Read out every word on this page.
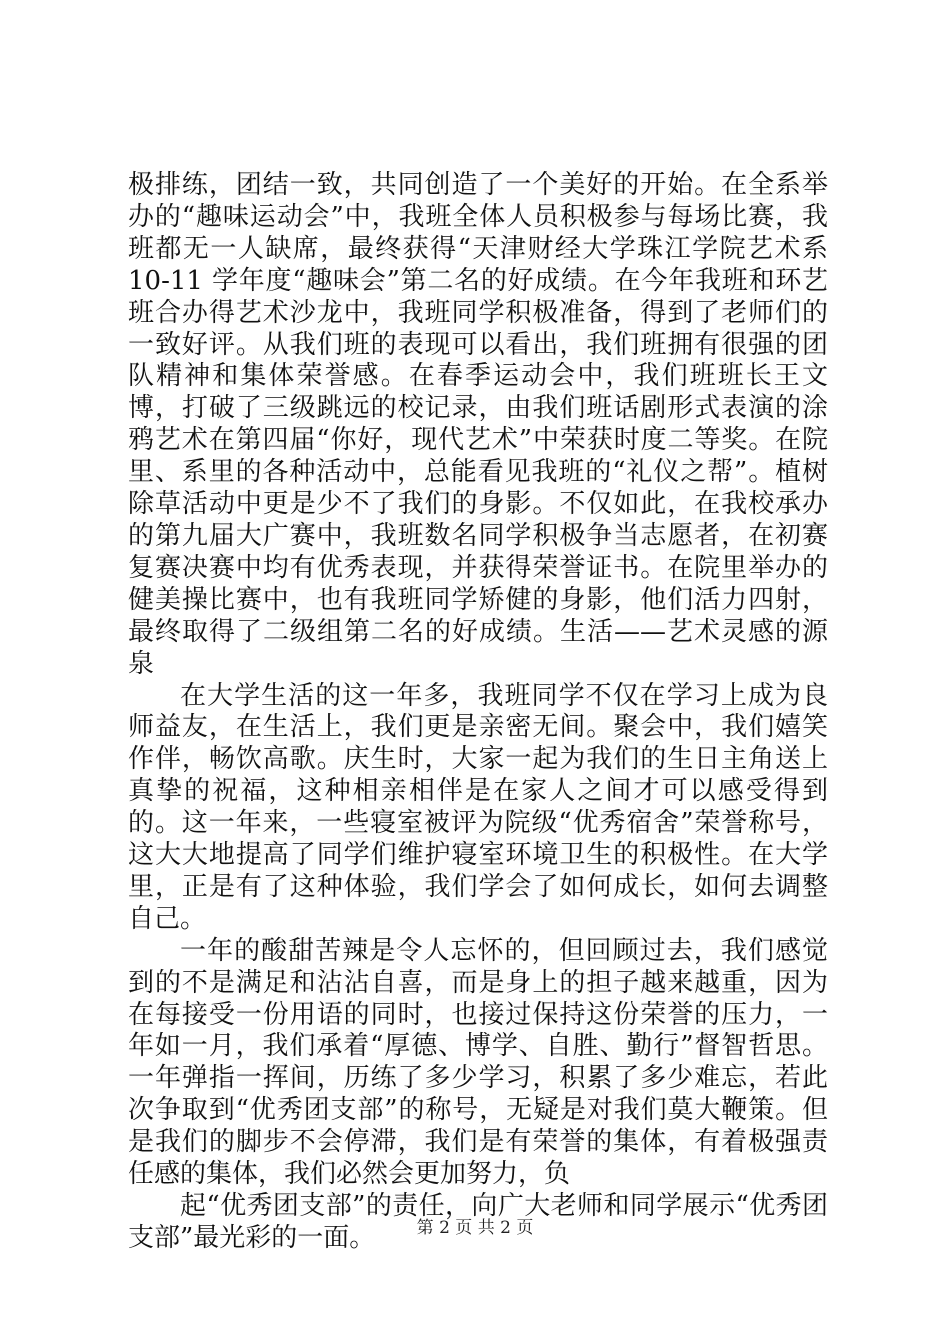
极排练，团结一致，共同创造了一个美好的开始。在全系举办的“趣味运动会”中，我班全体人员积极参与每场比赛，我班都无一人缺席，最终获得“天津财经大学珠江学院艺术系 10-11 学年度“趣味会”第二名的好成绩。在今年我班和环艺班合办得艺术沙龙中，我班同学积极准备，得到了老师们的一致好评。从我们班的表现可以看出，我们班拥有很强的团队精神和集体荣誉感。在春季运动会中，我们班班长王文博，打破了三级跳远的校记录，由我们班话剧形式表演的涂鸦艺术在第四届“你好，现代艺术”中荣获时度二等奖。在院里、系里的各种活动中，总能看见我班的“礼仪之帮”。植树除草活动中更是少不了我们的身影。不仅如此，在我校承办的第九届大广赛中，我班数名同学积极争当志愿者，在初赛复赛决赛中均有优秀表现，并获得荣誉证书。在院里举办的健美操比赛中，也有我班同学矫健的身影，他们活力四射，最终取得了二级组第二名的好成绩。生活——艺术灵感的源泉

在大学生活的这一年多，我班同学不仅在学习上成为良师益友，在生活上，我们更是亲密无间。聚会中，我们嬉笑作伴，畅饮高歌。庆生时，大家一起为我们的生日主角送上真挚的祝福，这种相亲相伴是在家人之间才可以感受得到的。这一年来，一些寝室被评为院级“优秀宿舍”荣誉称号，这大大地提高了同学们维护寝室环境卫生的积极性。在大学里，正是有了这种体验，我们学会了如何成长，如何去调整自己。

一年的酸甜苦辣是令人忘怀的，但回顾过去，我们感觉到的不是满足和沾沾自喜，而是身上的担子越来越重，因为在每接受一份用语的同时，也接过保持这份荣誉的压力，一年如一月，我们承着“厚德、博学、自胜、勤行”督智哲思。一年弹指一挥间，历练了多少学习，积累了多少难忘，若此次争取到“优秀团支部”的称号，无疑是对我们莫大鞭策。但是我们的脚步不会停滞，我们是有荣誉的集体，有着极强责任感的集体，我们必然会更加努力，负

起“优秀团支部”的责任，向广大老师和同学展示“优秀团支部”最光彩的一面。	第 2 页 共 2 页
